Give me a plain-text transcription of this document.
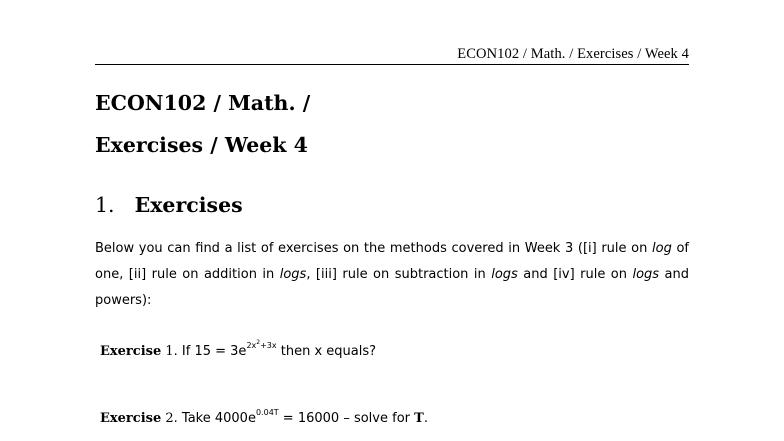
ECON102 / Math. / Exercises / Week 4
ECON102 / Math. /
Exercises / Week 4
1. Exercises
Below you can find a list of exercises on the methods covered in Week 3 ([i] rule on log of one, [ii] rule on addition in logs, [iii] rule on subtraction in logs and [iv] rule on logs and powers):
Exercise 1. If $15 = 3e^{2x^2+3x}$ then x equals?
Exercise 2. Take $4000e^{0.04T} = 16000$ – solve for T.
